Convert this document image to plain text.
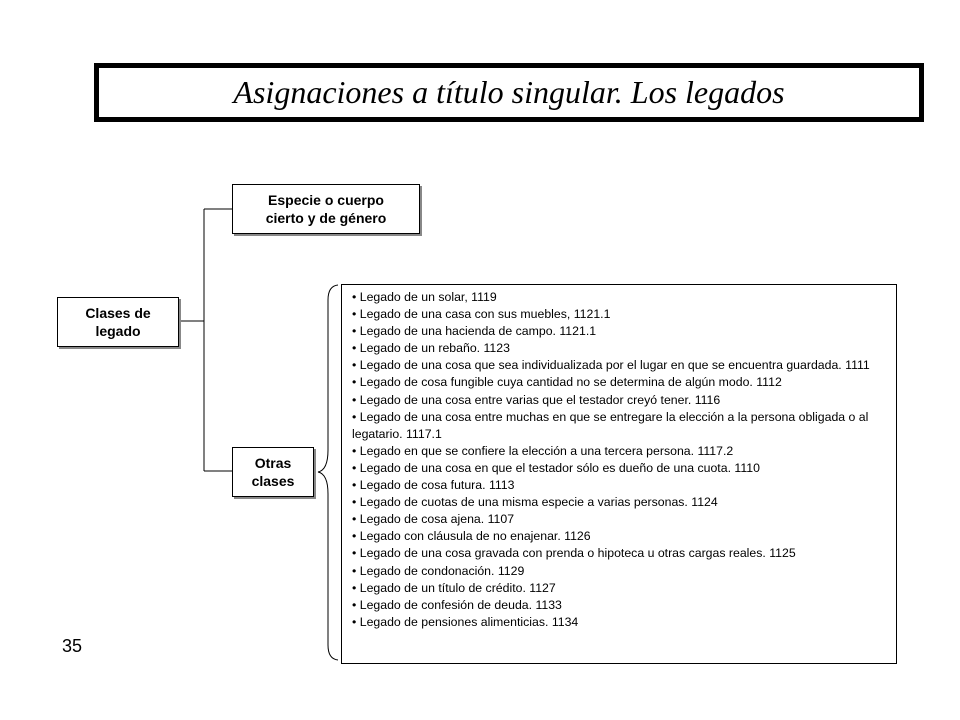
Asignaciones a título singular. Los legados
Clases de
legado
Especie o cuerpo
cierto y de género
Otras
clases
• Legado de un solar, 1119
• Legado de una casa con sus muebles, 1121.1
• Legado de una hacienda de campo. 1121.1
• Legado de un rebaño. 1123
• Legado de una cosa que sea individualizada por el lugar en que se encuentra guardada. 1111
• Legado de cosa fungible cuya cantidad no se determina de algún modo. 1112
• Legado de una cosa entre varias que el testador creyó tener. 1116
• Legado de una cosa entre muchas en que se entregare la elección a la persona obligada o al legatario. 1117.1
• Legado en que se confiere la elección a una tercera persona. 1117.2
• Legado de una cosa en que el testador sólo es dueño de una cuota. 1110
• Legado de cosa futura. 1113
• Legado de cuotas de una misma especie a varias personas. 1124
• Legado de cosa ajena. 1107
• Legado con cláusula de no enajenar. 1126
• Legado de una cosa gravada con prenda o hipoteca u otras cargas reales. 1125
• Legado de condonación. 1129
• Legado de un título de crédito. 1127
• Legado de confesión de deuda. 1133
• Legado de pensiones alimenticias. 1134
35
